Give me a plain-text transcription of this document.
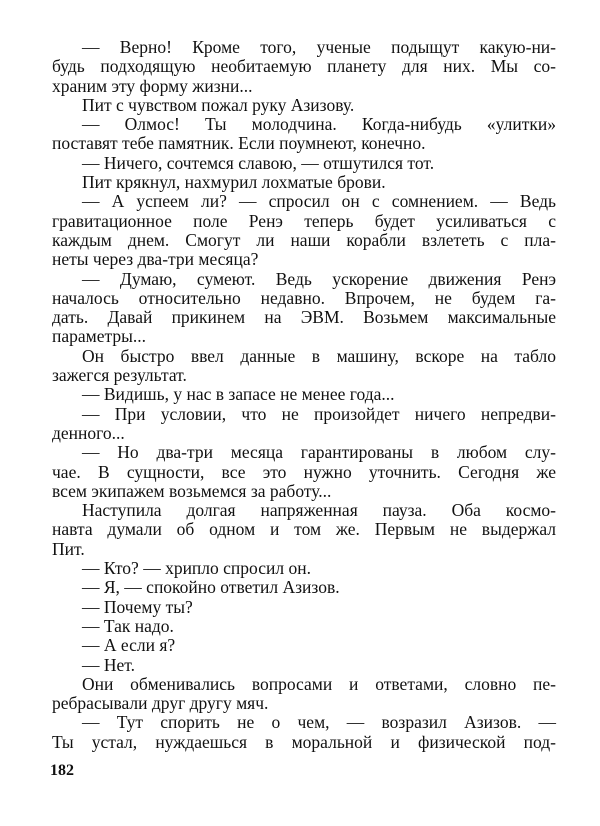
— Верно! Кроме того, ученые подыщут какую-ни-
будь подходящую необитаемую планету для них. Мы со-
храним эту форму жизни...
Пит с чувством пожал руку Азизову.
— Олмос! Ты молодчина. Когда-нибудь «улитки»
поставят тебе памятник. Если поумнеют, конечно.
— Ничего, сочтемся славою, — отшутился тот.
Пит крякнул, нахмурил лохматые брови.
— А успеем ли? — спросил он с сомнением. — Ведь
гравитационное поле Ренэ теперь будет усиливаться с
каждым днем. Смогут ли наши корабли взлететь с пла-
неты через два-три месяца?
— Думаю, сумеют. Ведь ускорение движения Ренэ
началось относительно недавно. Впрочем, не будем га-
дать. Давай прикинем на ЭВМ. Возьмем максимальные
параметры...
Он быстро ввел данные в машину, вскоре на табло
зажегся результат.
— Видишь, у нас в запасе не менее года...
— При условии, что не произойдет ничего непредви-
денного...
— Но два-три месяца гарантированы в любом слу-
чае. В сущности, все это нужно уточнить. Сегодня же
всем экипажем возьмемся за работу...
Наступила долгая напряженная пауза. Оба космо-
навта думали об одном и том же. Первым не выдержал
Пит.
— Кто? — хрипло спросил он.
— Я, — спокойно ответил Азизов.
— Почему ты?
— Так надо.
— А если я?
— Нет.
Они обменивались вопросами и ответами, словно пе-
ребрасывали друг другу мяч.
— Тут спорить не о чем, — возразил Азизов. —
Ты устал, нуждаешься в моральной и физической под-
182
